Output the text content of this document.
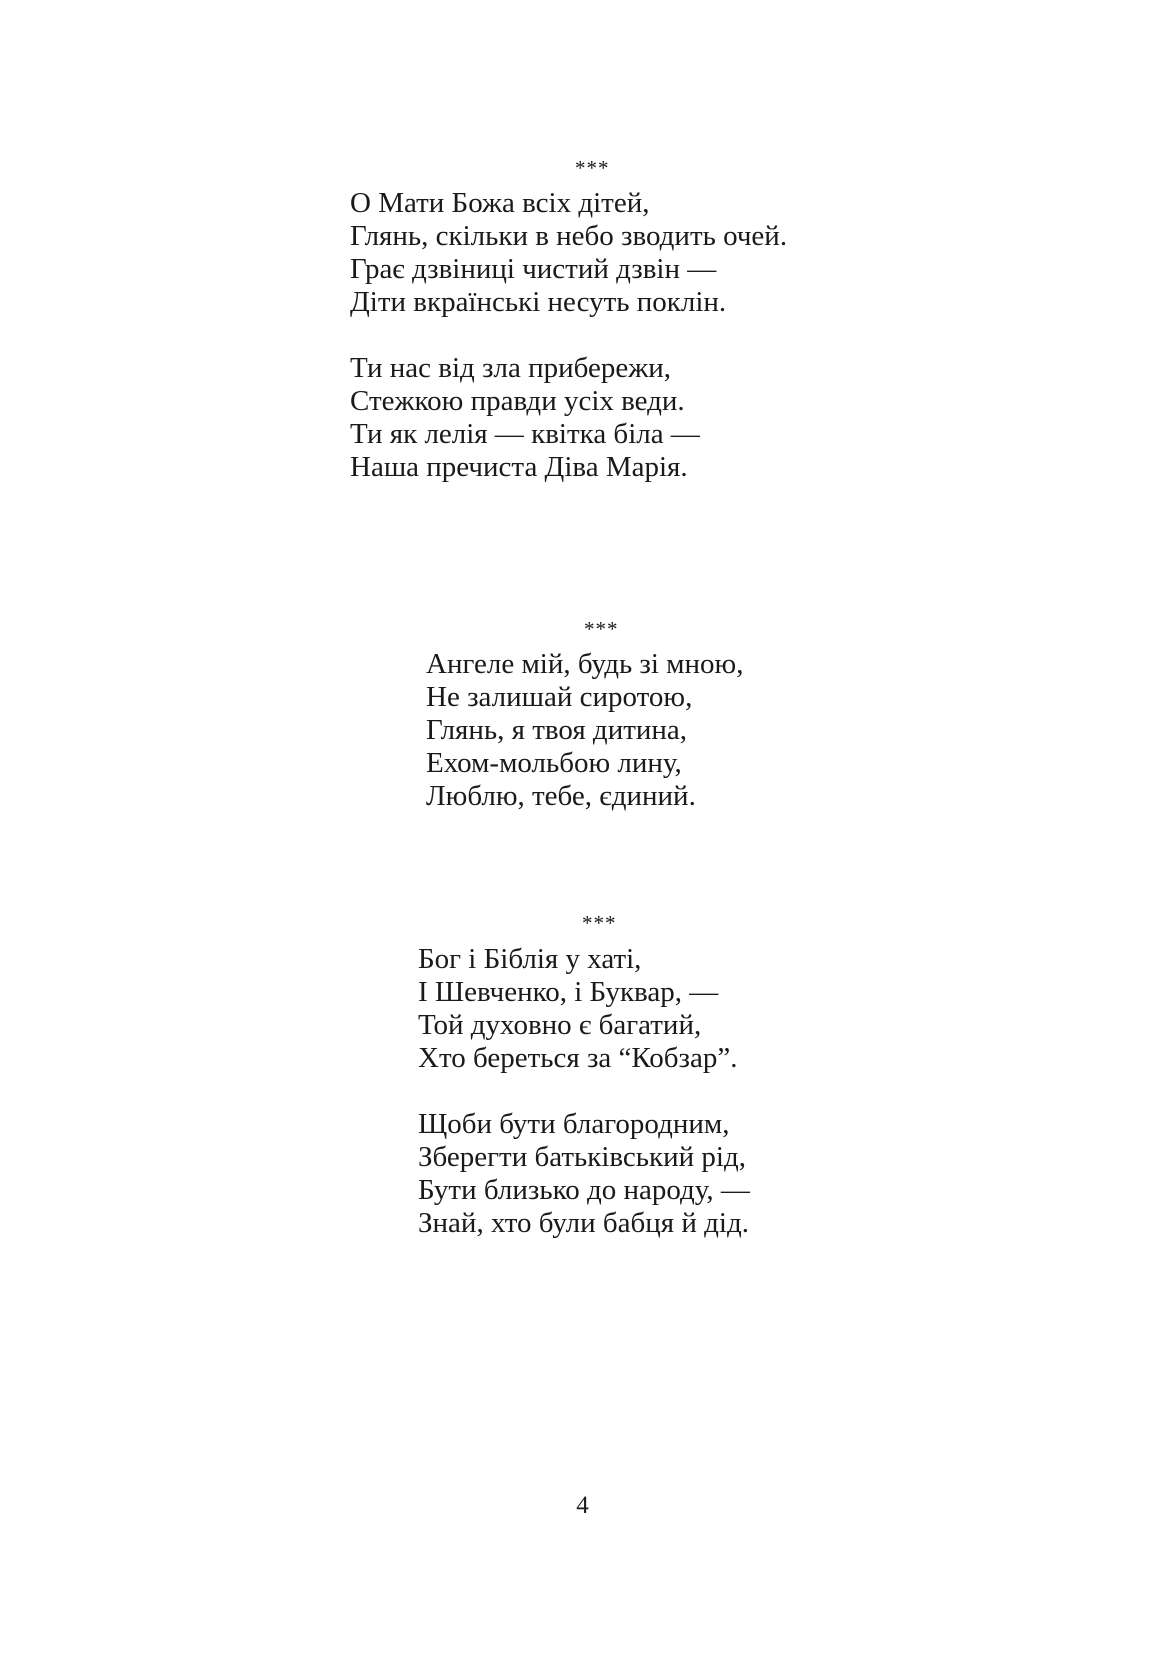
***
О Мати Божа всіх дітей,
Глянь, скільки в небо зводить очей.
Грає дзвіниці чистий дзвін —
Діти вкраїнські несуть поклін.
Ти нас від зла прибережи,
Стежкою правди усіх веди.
Ти як лелія — квітка біла —
Наша пречиста Діва Марія.
***
Ангеле мій, будь зі мною,
Не залишай сиротою,
Глянь, я твоя дитина,
Ехом-мольбою лину,
Люблю, тебе, єдиний.
***
Бог і Біблія у хаті,
І Шевченко, і Буквар, —
Той духовно є багатий,
Хто береться за “Кобзар”.
Щоби бути благородним,
Зберегти батьківський рід,
Бути близько до народу, —
Знай, хто були бабця й дід.
4
